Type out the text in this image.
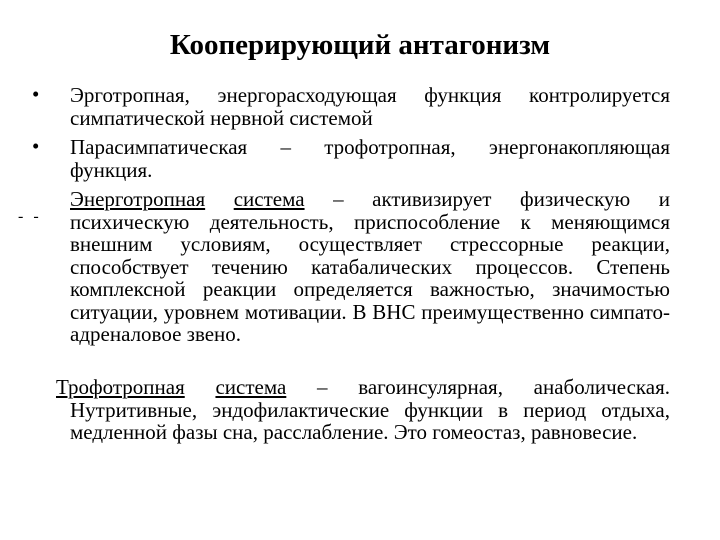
Кооперирующий антагонизм
• Эрготропная, энергорасходующая функция контролируется симпатической нервной системой

• Парасимпатическая – трофотропная, энергонакопляющая функция.

- -

Энерготропная система – активизирует физическую и психическую деятельность, приспособление к меняющимся внешним условиям, осуществляет стрессорные реакции, способствует течению катабалических процессов. Степень комплексной реакции определяется важностью, значимостью ситуации, уровнем мотивации. В ВНС преимущественно симпато-адреналовое звено.

Трофотропная система – вагоинсулярная, анаболическая. Нутритивные, эндофилактические функции в период отдыха, медленной фазы сна, расслабление. Это гомеостаз, равновесие.
